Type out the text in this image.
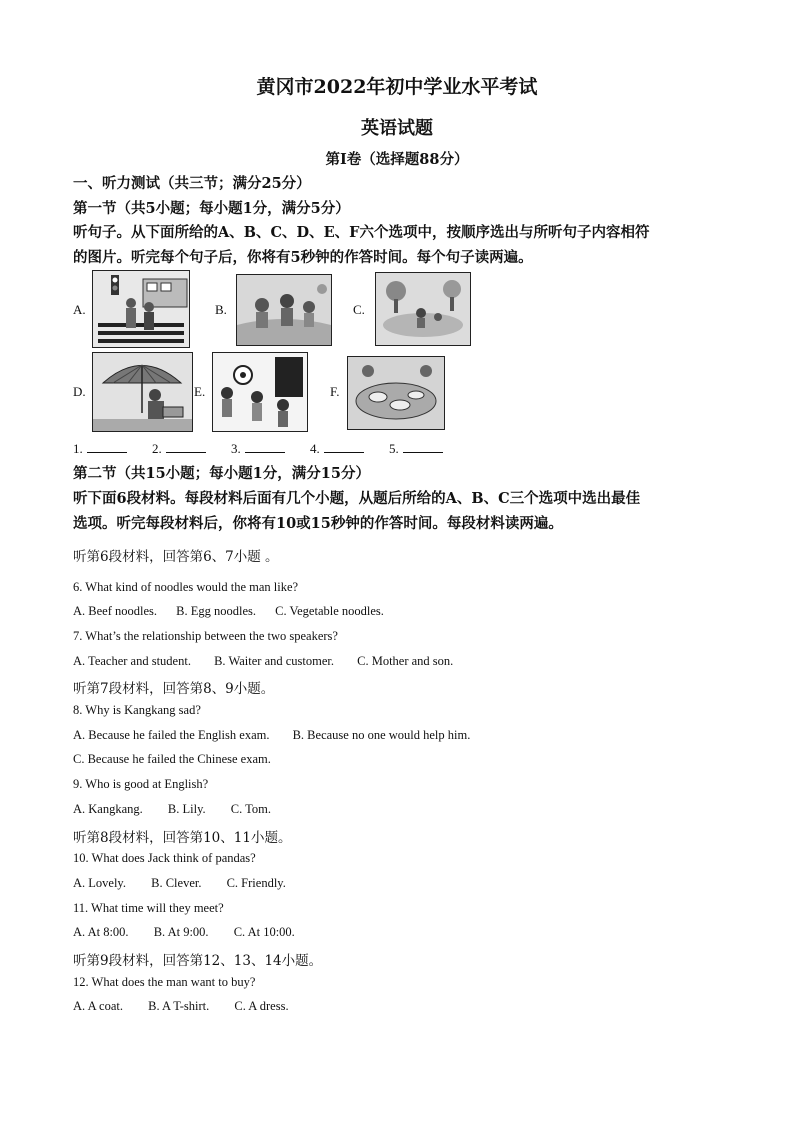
黄冈市2022年初中学业水平考试
英语试题
第Ⅰ卷（选择题88分）
一、听力测试（共三节；满分25分）
第一节（共5小题；每小题1分，满分5分）
听句子。从下面所给的A、B、C、D、E、F六个选项中，按顺序选出与所听句子内容相符
的图片。听完每个句子后，你将有5秒钟的作答时间。每个句子读两遍。
A.	B.	C.
D.	E.	F.
1.	2.	3.	4.	5.
第二节（共15小题；每小题1分，满分15分）
听下面6段材料。每段材料后面有几个小题，从题后所给的A、B、C三个选项中选出最佳
选项。听完每段材料后，你将有10或15秒钟的作答时间。每段材料读两遍。
听第6段材料，回答第6、7小题 。
6. What kind of noodles would the man like?
A. Beef noodles. B. Egg noodles. C. Vegetable noodles.
7. What’s the relationship between the two speakers?
A. Teacher and student. B. Waiter and customer. C. Mother and son.
听第7段材料，回答第8、9小题。
8. Why is Kangkang sad?
A. Because he failed the English exam. B. Because no one would help him.
C. Because he failed the Chinese exam.
9. Who is good at English?
A. Kangkang. B. Lily. C. Tom.
听第8段材料，回答第10、11小题。
10. What does Jack think of pandas?
A. Lovely. B. Clever. C. Friendly.
11. What time will they meet?
A. At 8:00. B. At 9:00. C. At 10:00.
听第9段材料，回答第12、13、14小题。
12. What does the man want to buy?
A. A coat. B. A T-shirt. C. A dress.
